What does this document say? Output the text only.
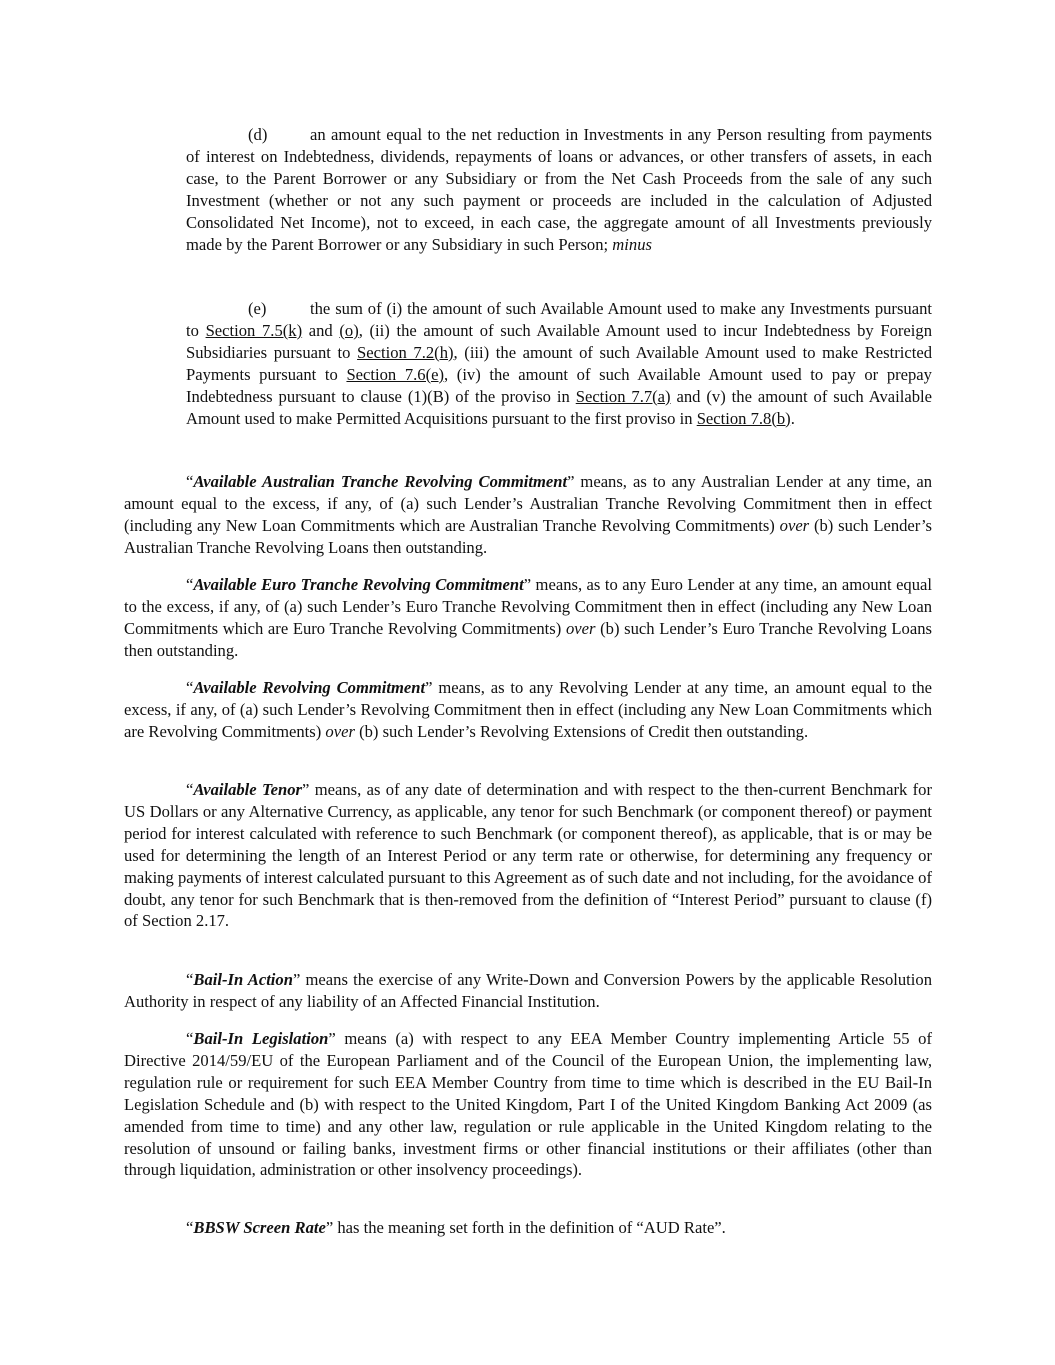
(d)	an amount equal to the net reduction in Investments in any Person resulting from payments of interest on Indebtedness, dividends, repayments of loans or advances, or other transfers of assets, in each case, to the Parent Borrower or any Subsidiary or from the Net Cash Proceeds from the sale of any such Investment (whether or not any such payment or proceeds are included in the calculation of Adjusted Consolidated Net Income), not to exceed, in each case, the aggregate amount of all Investments previously made by the Parent Borrower or any Subsidiary in such Person; minus

(e)	the sum of (i) the amount of such Available Amount used to make any Investments pursuant to Section 7.5(k) and (o), (ii) the amount of such Available Amount used to incur Indebtedness by Foreign Subsidiaries pursuant to Section 7.2(h), (iii) the amount of such Available Amount used to make Restricted Payments pursuant to Section 7.6(e), (iv) the amount of such Available Amount used to pay or prepay Indebtedness pursuant to clause (1)(B) of the proviso in Section 7.7(a) and (v) the amount of such Available Amount used to make Permitted Acquisitions pursuant to the first proviso in Section 7.8(b).

“Available Australian Tranche Revolving Commitment” means, as to any Australian Lender at any time, an amount equal to the excess, if any, of (a) such Lender’s Australian Tranche Revolving Commitment then in effect (including any New Loan Commitments which are Australian Tranche Revolving Commitments) over (b) such Lender’s Australian Tranche Revolving Loans then outstanding.

“Available Euro Tranche Revolving Commitment” means, as to any Euro Lender at any time, an amount equal to the excess, if any, of (a) such Lender’s Euro Tranche Revolving Commitment then in effect (including any New Loan Commitments which are Euro Tranche Revolving Commitments) over (b) such Lender’s Euro Tranche Revolving Loans then outstanding.

“Available Revolving Commitment” means, as to any Revolving Lender at any time, an amount equal to the excess, if any, of (a) such Lender’s Revolving Commitment then in effect (including any New Loan Commitments which are Revolving Commitments) over (b) such Lender’s Revolving Extensions of Credit then outstanding.

“Available Tenor” means, as of any date of determination and with respect to the then-current Benchmark for US Dollars or any Alternative Currency, as applicable, any tenor for such Benchmark (or component thereof) or payment period for interest calculated with reference to such Benchmark (or component thereof), as applicable, that is or may be used for determining the length of an Interest Period or any term rate or otherwise, for determining any frequency or making payments of interest calculated pursuant to this Agreement as of such date and not including, for the avoidance of doubt, any tenor for such Benchmark that is then-removed from the definition of “Interest Period” pursuant to clause (f) of Section 2.17.

“Bail-In Action” means the exercise of any Write-Down and Conversion Powers by the applicable Resolution Authority in respect of any liability of an Affected Financial Institution.

“Bail-In Legislation” means (a) with respect to any EEA Member Country implementing Article 55 of Directive 2014/59/EU of the European Parliament and of the Council of the European Union, the implementing law, regulation rule or requirement for such EEA Member Country from time to time which is described in the EU Bail-In Legislation Schedule and (b) with respect to the United Kingdom, Part I of the United Kingdom Banking Act 2009 (as amended from time to time) and any other law, regulation or rule applicable in the United Kingdom relating to the resolution of unsound or failing banks, investment firms or other financial institutions or their affiliates (other than through liquidation, administration or other insolvency proceedings).

“BBSW Screen Rate” has the meaning set forth in the definition of “AUD Rate”.
